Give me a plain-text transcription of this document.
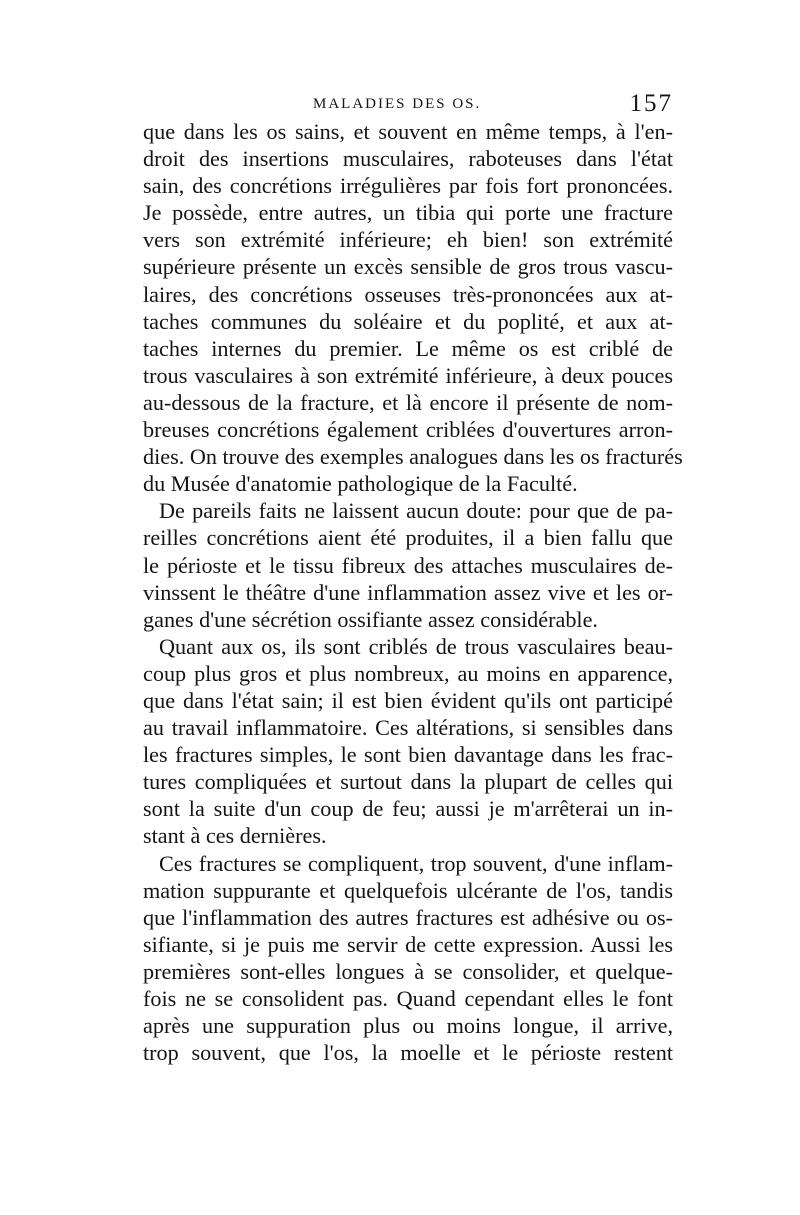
MALADIES DES OS.	157
que dans les os sains, et souvent en même temps, à l'en-
droit des insertions musculaires, raboteuses dans l'état
sain, des concrétions irrégulières par fois fort prononcées.
Je possède, entre autres, un tibia qui porte une fracture
vers son extrémité inférieure; eh bien! son extrémité
supérieure présente un excès sensible de gros trous vascu-
laires, des concrétions osseuses très-prononcées aux at-
taches communes du soléaire et du poplité, et aux at-
taches internes du premier. Le même os est criblé de
trous vasculaires à son extrémité inférieure, à deux pouces
au-dessous de la fracture, et là encore il présente de nom-
breuses concrétions également criblées d'ouvertures arron-
dies. On trouve des exemples analogues dans les os fracturés
du Musée d'anatomie pathologique de la Faculté.
De pareils faits ne laissent aucun doute: pour que de pa-
reilles concrétions aient été produites, il a bien fallu que
le périoste et le tissu fibreux des attaches musculaires de-
vinssent le théâtre d'une inflammation assez vive et les or-
ganes d'une sécrétion ossifiante assez considérable.
Quant aux os, ils sont criblés de trous vasculaires beau-
coup plus gros et plus nombreux, au moins en apparence,
que dans l'état sain; il est bien évident qu'ils ont participé
au travail inflammatoire. Ces altérations, si sensibles dans
les fractures simples, le sont bien davantage dans les frac-
tures compliquées et surtout dans la plupart de celles qui
sont la suite d'un coup de feu; aussi je m'arrêterai un in-
stant à ces dernières.
Ces fractures se compliquent, trop souvent, d'une inflam-
mation suppurante et quelquefois ulcérante de l'os, tandis
que l'inflammation des autres fractures est adhésive ou os-
sifiante, si je puis me servir de cette expression. Aussi les
premières sont-elles longues à se consolider, et quelque-
fois ne se consolident pas. Quand cependant elles le font
après une suppuration plus ou moins longue, il arrive,
trop souvent, que l'os, la moelle et le périoste restent
